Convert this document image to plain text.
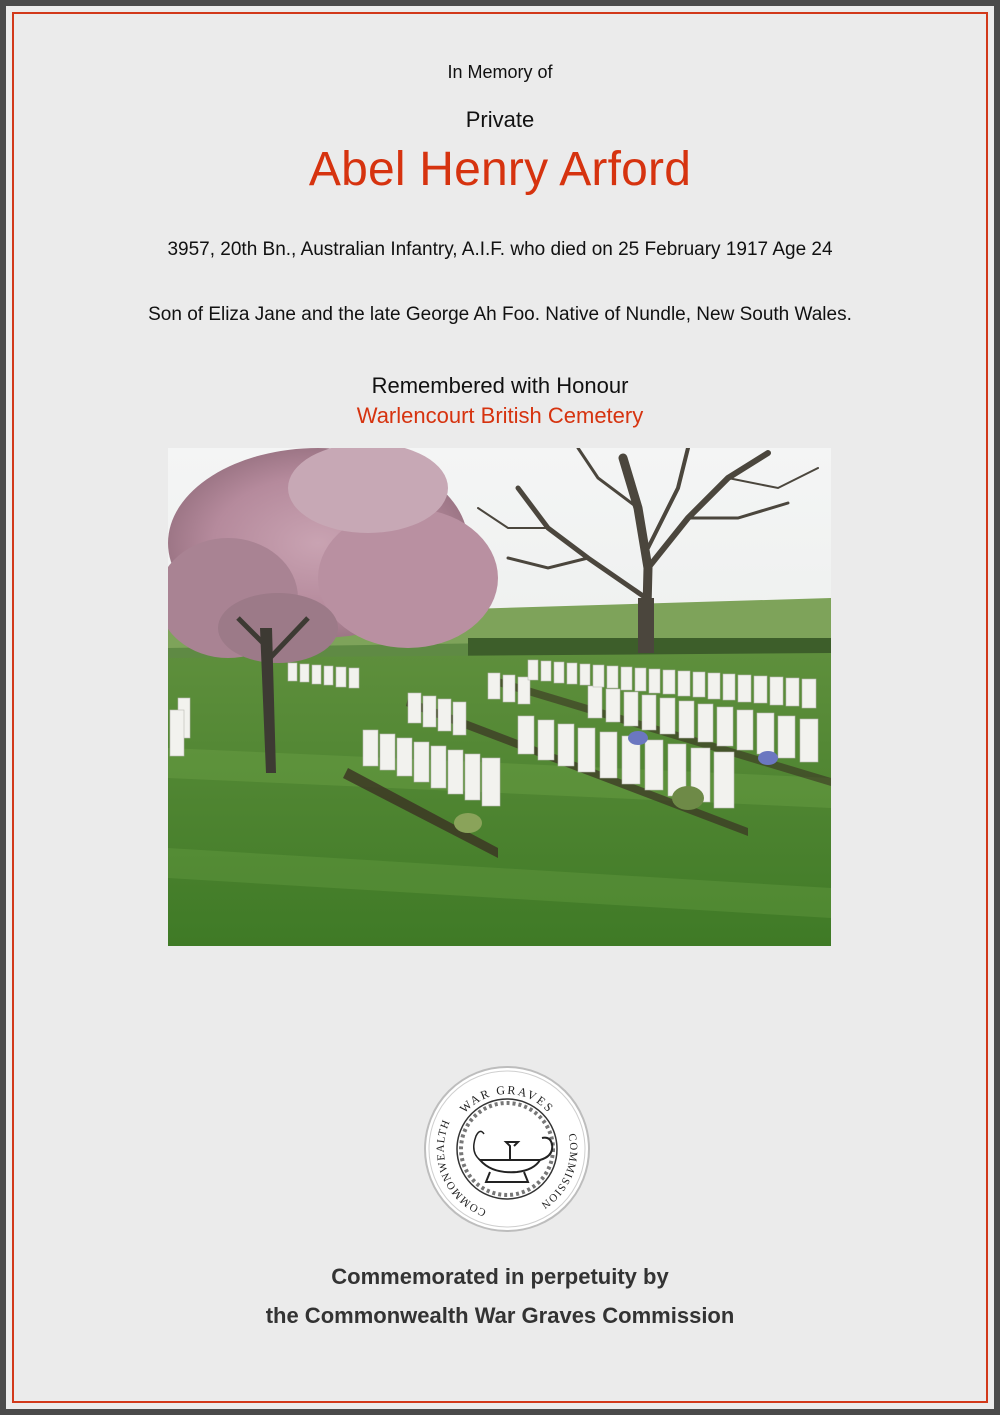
In Memory of
Private
Abel Henry Arford
3957, 20th Bn., Australian Infantry, A.I.F. who died on 25 February 1917 Age 24
Son of Eliza Jane and the late George Ah Foo. Native of Nundle, New South Wales.
Remembered with Honour
Warlencourt British Cemetery
WAR GRAVES
COMMONWEALTH
COMMISSION
Commemorated in perpetuity by
the Commonwealth War Graves Commission
